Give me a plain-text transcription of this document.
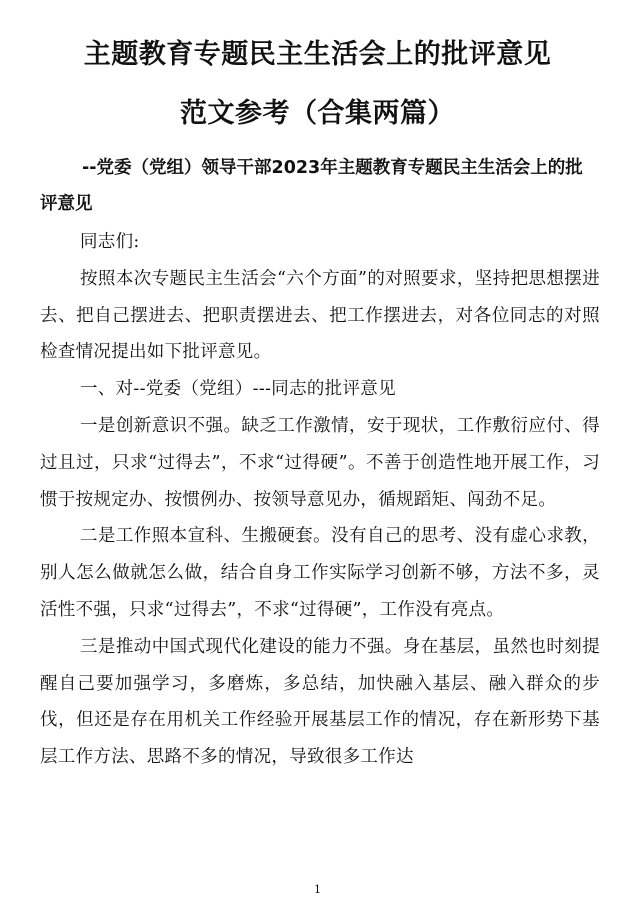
主题教育专题民主生活会上的批评意见
范文参考（合集两篇）

--党委（党组）领导干部2023年主题教育专题民主生活会上的批评意见

同志们:

按照本次专题民主生活会“六个方面”的对照要求，坚持把思想摆进去、把自己摆进去、把职责摆进去、把工作摆进去，对各位同志的对照检查情况提出如下批评意见。

一、对--党委（党组）---同志的批评意见

一是创新意识不强。缺乏工作激情，安于现状，工作敷衍应付、得过且过，只求“过得去”，不求“过得硬”。不善于创造性地开展工作，习惯于按规定办、按惯例办、按领导意见办，循规蹈矩、闯劲不足。

二是工作照本宣科、生搬硬套。没有自己的思考、没有虚心求教，别人怎么做就怎么做，结合自身工作实际学习创新不够，方法不多，灵活性不强，只求“过得去”，不求“过得硬”，工作没有亮点。

三是推动中国式现代化建设的能力不强。身在基层，虽然也时刻提醒自己要加强学习，多磨炼，多总结，加快融入基层、融入群众的步伐，但还是存在用机关工作经验开展基层工作的情况，存在新形势下基层工作方法、思路不多的情况，导致很多工作达

1
